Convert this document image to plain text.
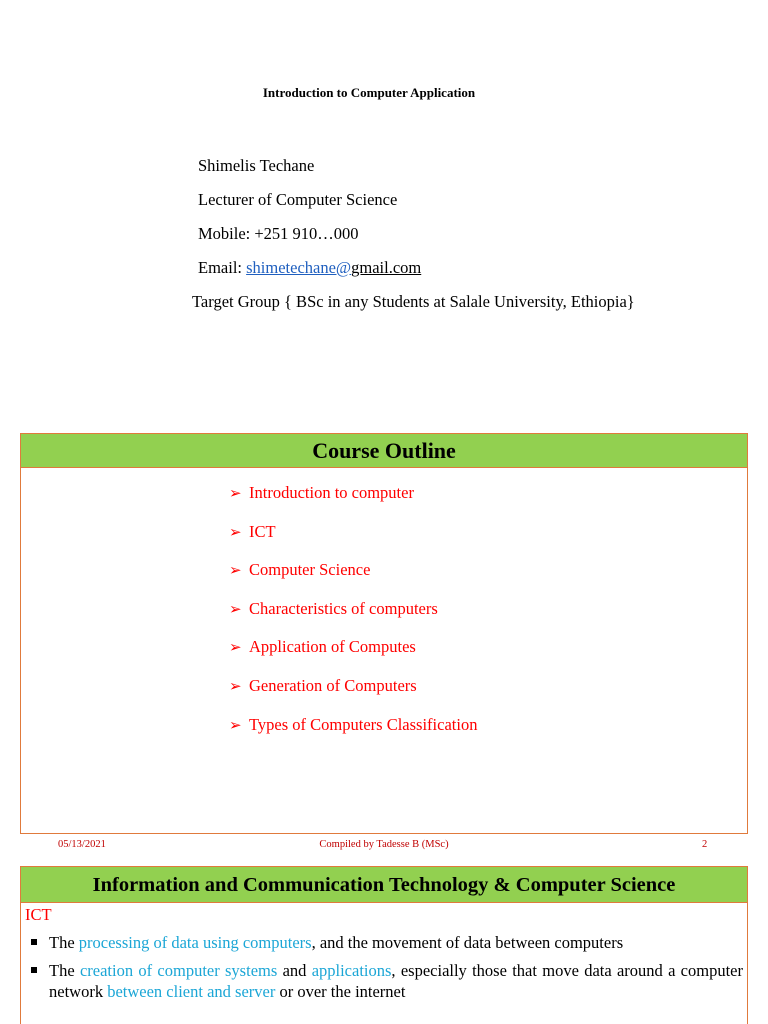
Introduction to Computer Application
Shimelis Techane
Lecturer of Computer Science
Mobile: +251 910…000
Email: shimetechane@gmail.com
Target Group { BSc in any Students at Salale University, Ethiopia}
Course Outline
➢ Introduction to computer
➢ ICT
➢ Computer Science
➢ Characteristics of computers
➢ Application of Computes
➢ Generation of Computers
➢ Types of Computers Classification
05/13/2021	Compiled by Tadesse B (MSc)	2
Information and Communication Technology & Computer Science
ICT
The processing of data using computers, and the movement of data between computers
The creation of computer systems and applications, especially those that move data around a computer network between client and server or over the internet
